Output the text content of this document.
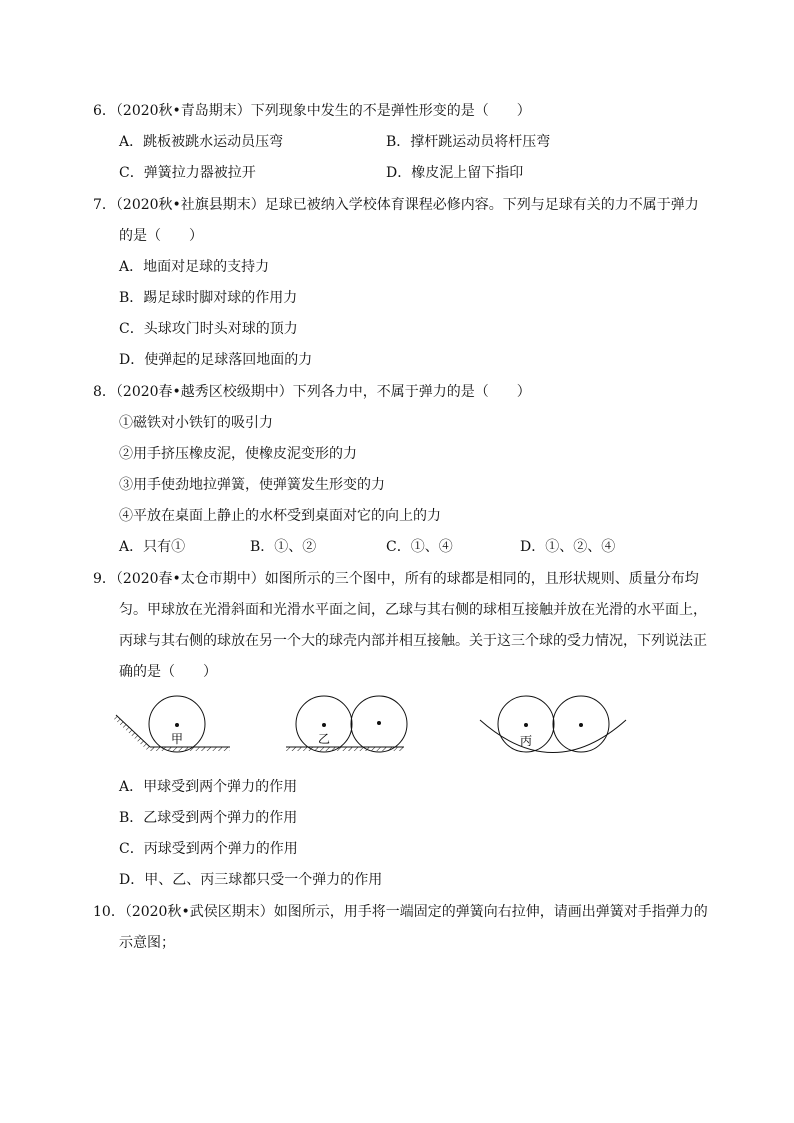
6．（2020秋•青岛期末）下列现象中发生的不是弹性形变的是（　　）
A．跳板被跳水运动员压弯	B．撑杆跳运动员将杆压弯
C．弹簧拉力器被拉开	D．橡皮泥上留下指印
7．（2020秋•社旗县期末）足球已被纳入学校体育课程必修内容。下列与足球有关的力不属于弹力
的是（　　）
A．地面对足球的支持力
B．踢足球时脚对球的作用力
C．头球攻门时头对球的顶力
D．使弹起的足球落回地面的力
8．（2020春•越秀区校级期中）下列各力中，不属于弹力的是（　　）
①磁铁对小铁钉的吸引力
②用手挤压橡皮泥，使橡皮泥变形的力
③用手使劲地拉弹簧，使弹簧发生形变的力
④平放在桌面上静止的水杯受到桌面对它的向上的力
A．只有①	B．①、②	C．①、④	D．①、②、④
9．（2020春•太仓市期中）如图所示的三个图中，所有的球都是相同的，且形状规则、质量分布均
匀。甲球放在光滑斜面和光滑水平面之间，乙球与其右侧的球相互接触并放在光滑的水平面上，
丙球与其右侧的球放在另一个大的球壳内部并相互接触。关于这三个球的受力情况，下列说法正
确的是（　　）
甲	乙	丙
A．甲球受到两个弹力的作用
B．乙球受到两个弹力的作用
C．丙球受到两个弹力的作用
D．甲、乙、丙三球都只受一个弹力的作用
10．（2020秋•武侯区期末）如图所示，用手将一端固定的弹簧向右拉伸，请画出弹簧对手指弹力的
示意图；
